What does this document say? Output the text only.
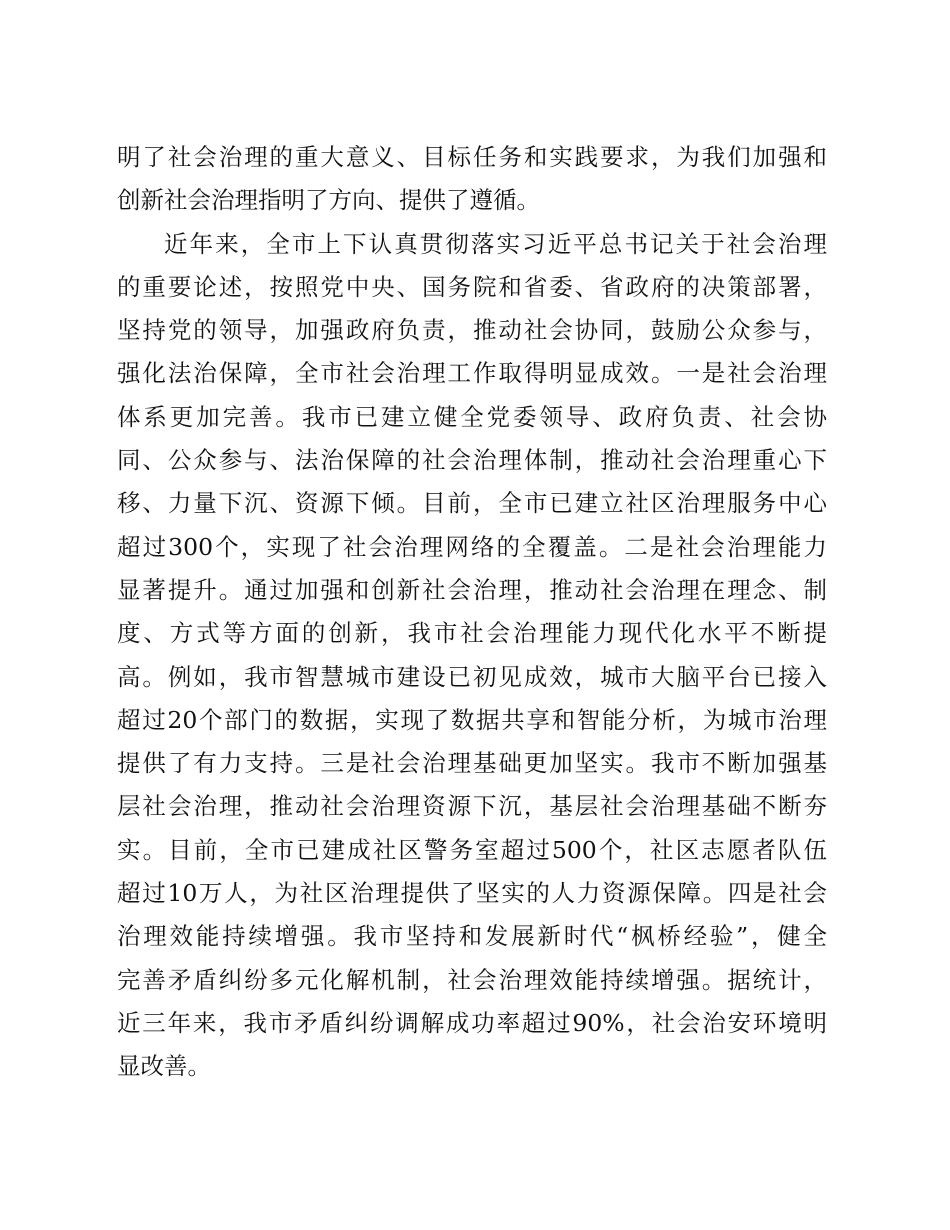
明了社会治理的重大意义、目标任务和实践要求，为我们加强和
创新社会治理指明了方向、提供了遵循。
近年来，全市上下认真贯彻落实习近平总书记关于社会治理
的重要论述，按照党中央、国务院和省委、省政府的决策部署，
坚持党的领导，加强政府负责，推动社会协同，鼓励公众参与，
强化法治保障，全市社会治理工作取得明显成效。一是社会治理
体系更加完善。我市已建立健全党委领导、政府负责、社会协
同、公众参与、法治保障的社会治理体制，推动社会治理重心下
移、力量下沉、资源下倾。目前，全市已建立社区治理服务中心
超过300个，实现了社会治理网络的全覆盖。二是社会治理能力
显著提升。通过加强和创新社会治理，推动社会治理在理念、制
度、方式等方面的创新，我市社会治理能力现代化水平不断提
高。例如，我市智慧城市建设已初见成效，城市大脑平台已接入
超过20个部门的数据，实现了数据共享和智能分析，为城市治理
提供了有力支持。三是社会治理基础更加坚实。我市不断加强基
层社会治理，推动社会治理资源下沉，基层社会治理基础不断夯
实。目前，全市已建成社区警务室超过500个，社区志愿者队伍
超过10万人，为社区治理提供了坚实的人力资源保障。四是社会
治理效能持续增强。我市坚持和发展新时代“枫桥经验”，健全
完善矛盾纠纷多元化解机制，社会治理效能持续增强。据统计，
近三年来，我市矛盾纠纷调解成功率超过90%，社会治安环境明
显改善。
